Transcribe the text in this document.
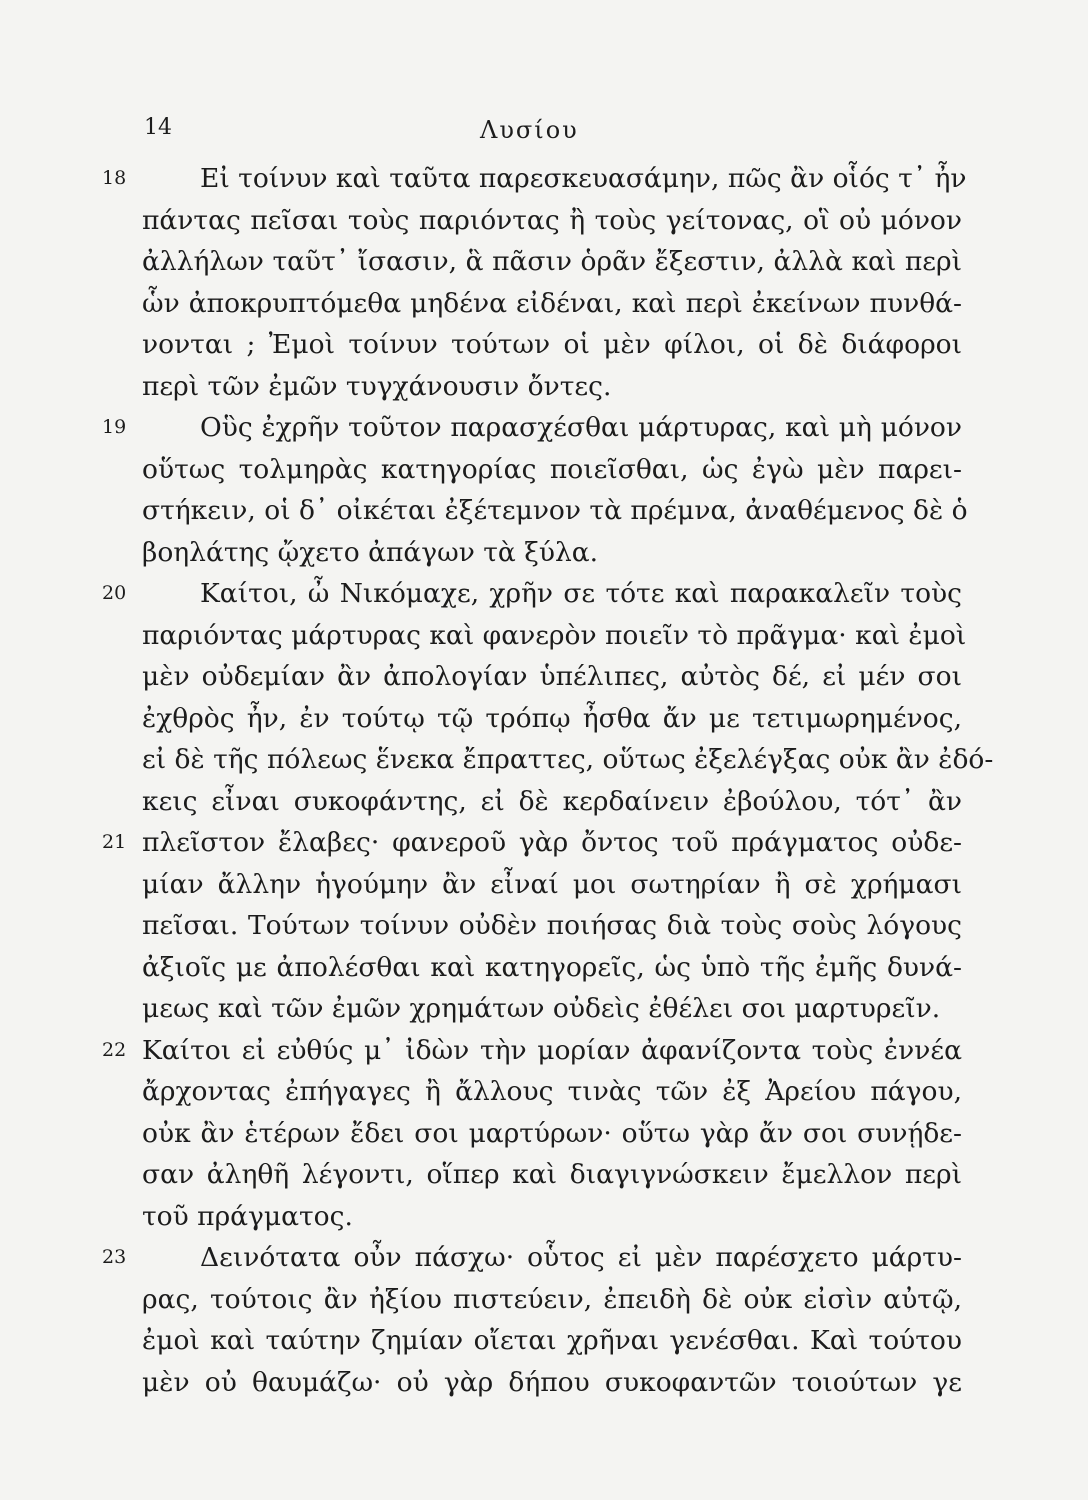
14	Λυσίου
18	Εἰ τοίνυν καὶ ταῦτα παρεσκευασάμην, πῶς ἂν οἷός τ᾽ ἦν
πάντας πεῖσαι τοὺς παριόντας ἢ τοὺς γείτονας, οἳ οὐ μόνον
ἀλλήλων ταῦτ᾽ ἴσασιν, ἃ πᾶσιν ὁρᾶν ἔξεστιν, ἀλλὰ καὶ περὶ
ὧν ἀποκρυπτόμεθα μηδένα εἰδέναι, καὶ περὶ ἐκείνων πυνθά-
νονται ; Ἐμοὶ τοίνυν τούτων οἱ μὲν φίλοι, οἱ δὲ διάφοροι
περὶ τῶν ἐμῶν τυγχάνουσιν ὄντες.
19	Οὓς ἐχρῆν τοῦτον παρασχέσθαι μάρτυρας, καὶ μὴ μόνον
οὕτως τολμηρὰς κατηγορίας ποιεῖσθαι, ὡς ἐγὼ μὲν παρει-
στήκειν, οἱ δ᾽ οἰκέται ἐξέτεμνον τὰ πρέμνα, ἀναθέμενος δὲ ὁ
βοηλάτης ᾤχετο ἀπάγων τὰ ξύλα.
20	Καίτοι, ὦ Νικόμαχε, χρῆν σε τότε καὶ παρακαλεῖν τοὺς
παριόντας μάρτυρας καὶ φανερὸν ποιεῖν τὸ πρᾶγμα· καὶ ἐμοὶ
μὲν οὐδεμίαν ἂν ἀπολογίαν ὑπέλιπες, αὐτὸς δέ, εἰ μέν σοι
ἐχθρὸς ἦν, ἐν τούτῳ τῷ τρόπῳ ἦσθα ἄν με τετιμωρημένος,
εἰ δὲ τῆς πόλεως ἕνεκα ἔπραττες, οὕτως ἐξελέγξας οὐκ ἂν ἐδό-
κεις εἶναι συκοφάντης, εἰ δὲ κερδαίνειν ἐβούλου, τότ᾽ ἂν
21 πλεῖστον ἔλαβες· φανεροῦ γὰρ ὄντος τοῦ πράγματος οὐδε-
μίαν ἄλλην ἡγούμην ἂν εἶναί μοι σωτηρίαν ἢ σὲ χρήμασι
πεῖσαι. Τούτων τοίνυν οὐδὲν ποιήσας διὰ τοὺς σοὺς λόγους
ἀξιοῖς με ἀπολέσθαι καὶ κατηγορεῖς, ὡς ὑπὸ τῆς ἐμῆς δυνά-
μεως καὶ τῶν ἐμῶν χρημάτων οὐδεὶς ἐθέλει σοι μαρτυρεῖν.
22 Καίτοι εἰ εὐθύς μ᾽ ἰδὼν τὴν μορίαν ἀφανίζοντα τοὺς ἐννέα
ἄρχοντας ἐπήγαγες ἢ ἄλλους τινὰς τῶν ἐξ Ἀρείου πάγου,
οὐκ ἂν ἑτέρων ἔδει σοι μαρτύρων· οὕτω γὰρ ἄν σοι συνῄδε-
σαν ἀληθῆ λέγοντι, οἵπερ καὶ διαγιγνώσκειν ἔμελλον περὶ
τοῦ πράγματος.
23	Δεινότατα οὖν πάσχω· οὗτος εἰ μὲν παρέσχετο μάρτυ-
ρας, τούτοις ἂν ἠξίου πιστεύειν, ἐπειδὴ δὲ οὐκ εἰσὶν αὐτῷ,
ἐμοὶ καὶ ταύτην ζημίαν οἴεται χρῆναι γενέσθαι. Καὶ τούτου
μὲν οὐ θαυμάζω· οὐ γὰρ δήπου συκοφαντῶν τοιούτων γε
